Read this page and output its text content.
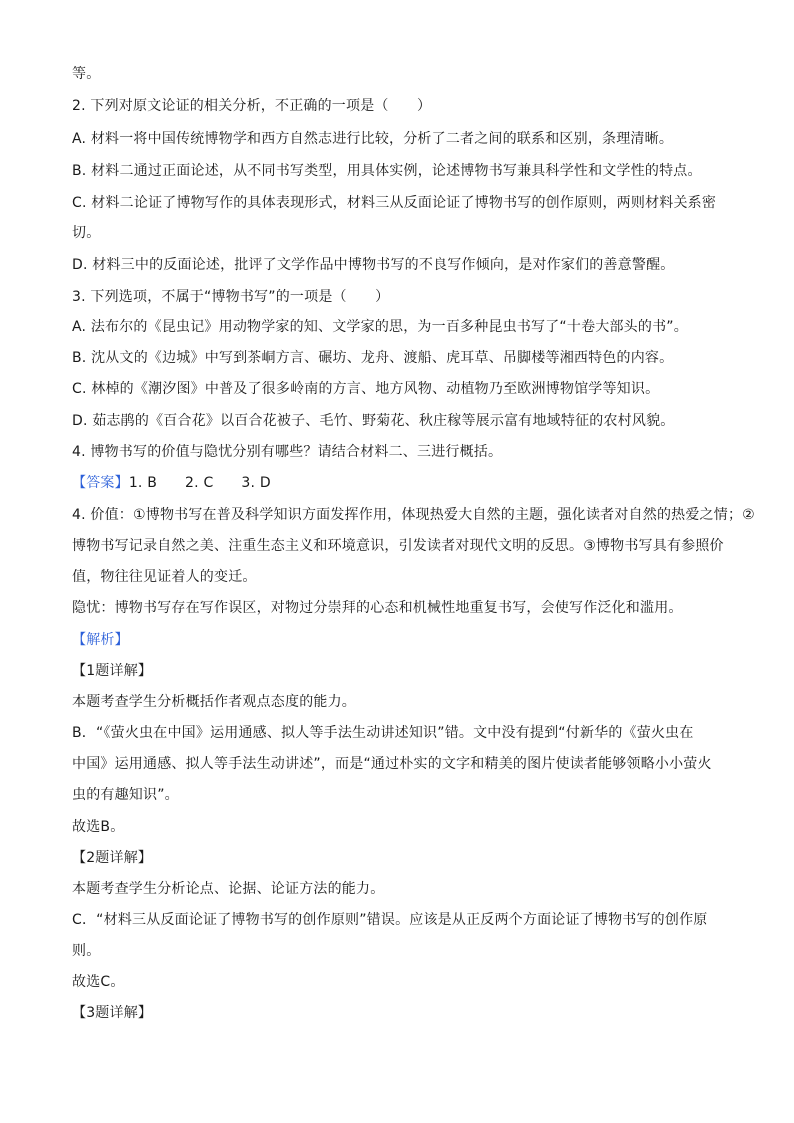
等。
2. 下列对原文论证的相关分析，不正确的一项是（　　）
A. 材料一将中国传统博物学和西方自然志进行比较，分析了二者之间的联系和区别，条理清晰。
B. 材料二通过正面论述，从不同书写类型，用具体实例，论述博物书写兼具科学性和文学性的特点。
C. 材料二论证了博物写作的具体表现形式，材料三从反面论证了博物书写的创作原则，两则材料关系密
切。
D. 材料三中的反面论述，批评了文学作品中博物书写的不良写作倾向，是对作家们的善意警醒。
3. 下列选项，不属于“博物书写”的一项是（　　）
A. 法布尔的《昆虫记》用动物学家的知、文学家的思，为一百多种昆虫书写了“十卷大部头的书”。
B. 沈从文的《边城》中写到茶峒方言、碾坊、龙舟、渡船、虎耳草、吊脚楼等湘西特色的内容。
C. 林棹的《潮汐图》中普及了很多岭南的方言、地方风物、动植物乃至欧洲博物馆学等知识。
D. 茹志鹃的《百合花》以百合花被子、毛竹、野菊花、秋庄稼等展示富有地域特征的农村风貌。
4. 博物书写的价值与隐忧分别有哪些？请结合材料二、三进行概括。
【答案】1. B 2. C 3. D
4. 价值：①博物书写在普及科学知识方面发挥作用，体现热爱大自然的主题，强化读者对自然的热爱之情；②
博物书写记录自然之美、注重生态主义和环境意识，引发读者对现代文明的反思。③博物书写具有参照价
值，物往往见证着人的变迁。
隐忧：博物书写存在写作误区，对物过分崇拜的心态和机械性地重复书写，会使写作泛化和滥用。
【解析】
【1题详解】
本题考查学生分析概括作者观点态度的能力。
B．“《萤火虫在中国》运用通感、拟人等手法生动讲述知识”错。文中没有提到“付新华的《萤火虫在
中国》运用通感、拟人等手法生动讲述”，而是“通过朴实的文字和精美的图片使读者能够领略小小萤火
虫的有趣知识”。
故选B。
【2题详解】
本题考查学生分析论点、论据、论证方法的能力。
C．“材料三从反面论证了博物书写的创作原则”错误。应该是从正反两个方面论证了博物书写的创作原
则。
故选C。
【3题详解】
